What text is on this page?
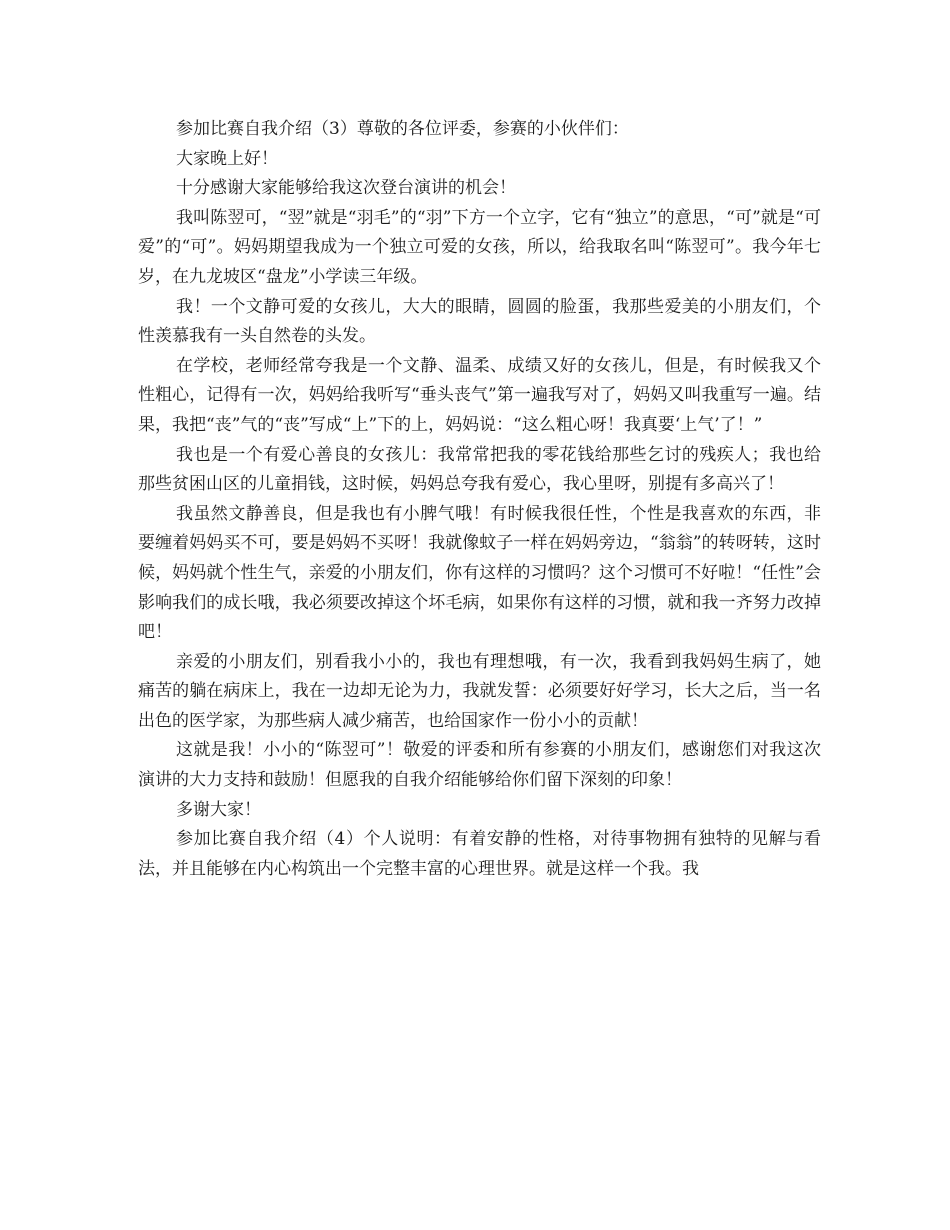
参加比赛自我介绍（3）尊敬的各位评委，参赛的小伙伴们：

大家晚上好！

十分感谢大家能够给我这次登台演讲的机会！

我叫陈翌可，“翌”就是“羽毛”的“羽”下方一个立字，它有“独立”的意思，“可”就是“可爱”的“可”。妈妈期望我成为一个独立可爱的女孩，所以，给我取名叫“陈翌可”。我今年七岁，在九龙坡区“盘龙”小学读三年级。

我！一个文静可爱的女孩儿，大大的眼睛，圆圆的脸蛋，我那些爱美的小朋友们，个性羡慕我有一头自然卷的头发。

在学校，老师经常夸我是一个文静、温柔、成绩又好的女孩儿，但是，有时候我又个性粗心，记得有一次，妈妈给我听写“垂头丧气”第一遍我写对了，妈妈又叫我重写一遍。结果，我把“丧”气的“丧”写成“上”下的上，妈妈说：“这么粗心呀！我真要‘上气’了！”

我也是一个有爱心善良的女孩儿：我常常把我的零花钱给那些乞讨的残疾人；我也给那些贫困山区的儿童捐钱，这时候，妈妈总夸我有爱心，我心里呀，别提有多高兴了！

我虽然文静善良，但是我也有小脾气哦！有时候我很任性，个性是我喜欢的东西，非要缠着妈妈买不可，要是妈妈不买呀！我就像蚊子一样在妈妈旁边，“翁翁”的转呀转，这时候，妈妈就个性生气，亲爱的小朋友们，你有这样的习惯吗？这个习惯可不好啦！“任性”会影响我们的成长哦，我必须要改掉这个坏毛病，如果你有这样的习惯，就和我一齐努力改掉吧！

亲爱的小朋友们，别看我小小的，我也有理想哦，有一次，我看到我妈妈生病了，她痛苦的躺在病床上，我在一边却无论为力，我就发誓：必须要好好学习，长大之后，当一名出色的医学家，为那些病人减少痛苦，也给国家作一份小小的贡献！

这就是我！小小的“陈翌可”！敬爱的评委和所有参赛的小朋友们，感谢您们对我这次演讲的大力支持和鼓励！但愿我的自我介绍能够给你们留下深刻的印象！

多谢大家！

参加比赛自我介绍（4）个人说明：有着安静的性格，对待事物拥有独特的见解与看法，并且能够在内心构筑出一个完整丰富的心理世界。就是这样一个我。我
